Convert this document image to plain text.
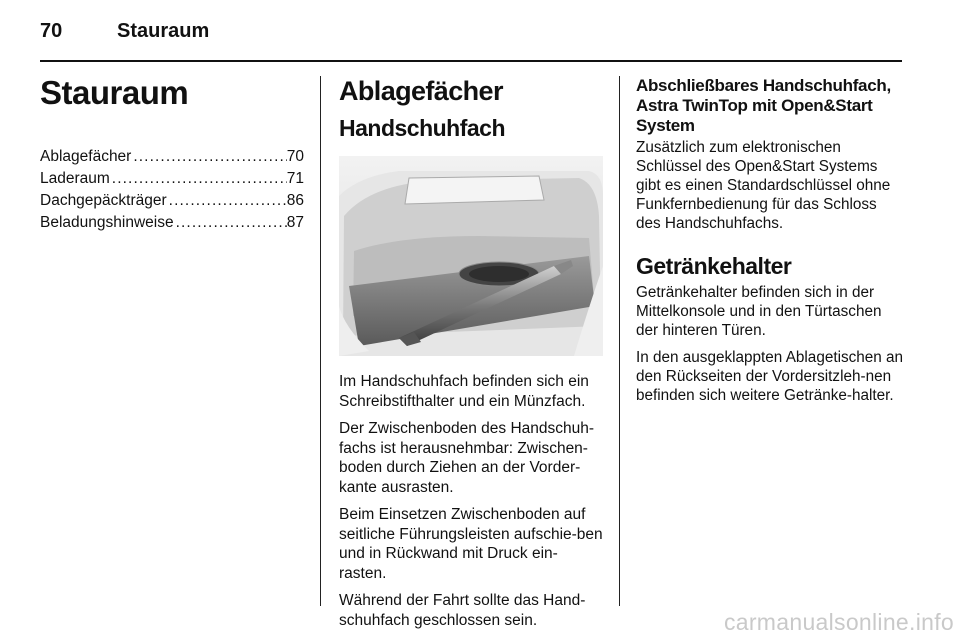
70	Stauraum
Stauraum
Ablagefächer . . .	70
Laderaum . . .	71
Dachgepäckträger . . .	86
Beladungshinweise . . .	87
Ablagefächer
Handschuhfach

Im Handschuhfach befinden sich ein Schreibstifthalter und ein Münzfach.

Der Zwischenboden des Handschuh-fachs ist herausnehmbar: Zwischen-boden durch Ziehen an der Vorder-kante ausrasten.

Beim Einsetzen Zwischenboden auf seitliche Führungsleisten aufschie-ben und in Rückwand mit Druck ein-rasten.

Während der Fahrt sollte das Hand-schuhfach geschlossen sein.

Abschließbares Handschuhfach, Astra TwinTop mit Open&Start System

Zusätzlich zum elektronischen Schlüssel des Open&Start Systems gibt es einen Standardschlüssel ohne Funkfernbedienung für das Schloss des Handschuhfachs.

Getränkehalter

Getränkehalter befinden sich in der Mittelkonsole und in den Türtaschen der hinteren Türen.

In den ausgeklappten Ablagetischen an den Rückseiten der Vordersitzleh-nen befinden sich weitere Getränke-halter.

carmanualsonline.info
